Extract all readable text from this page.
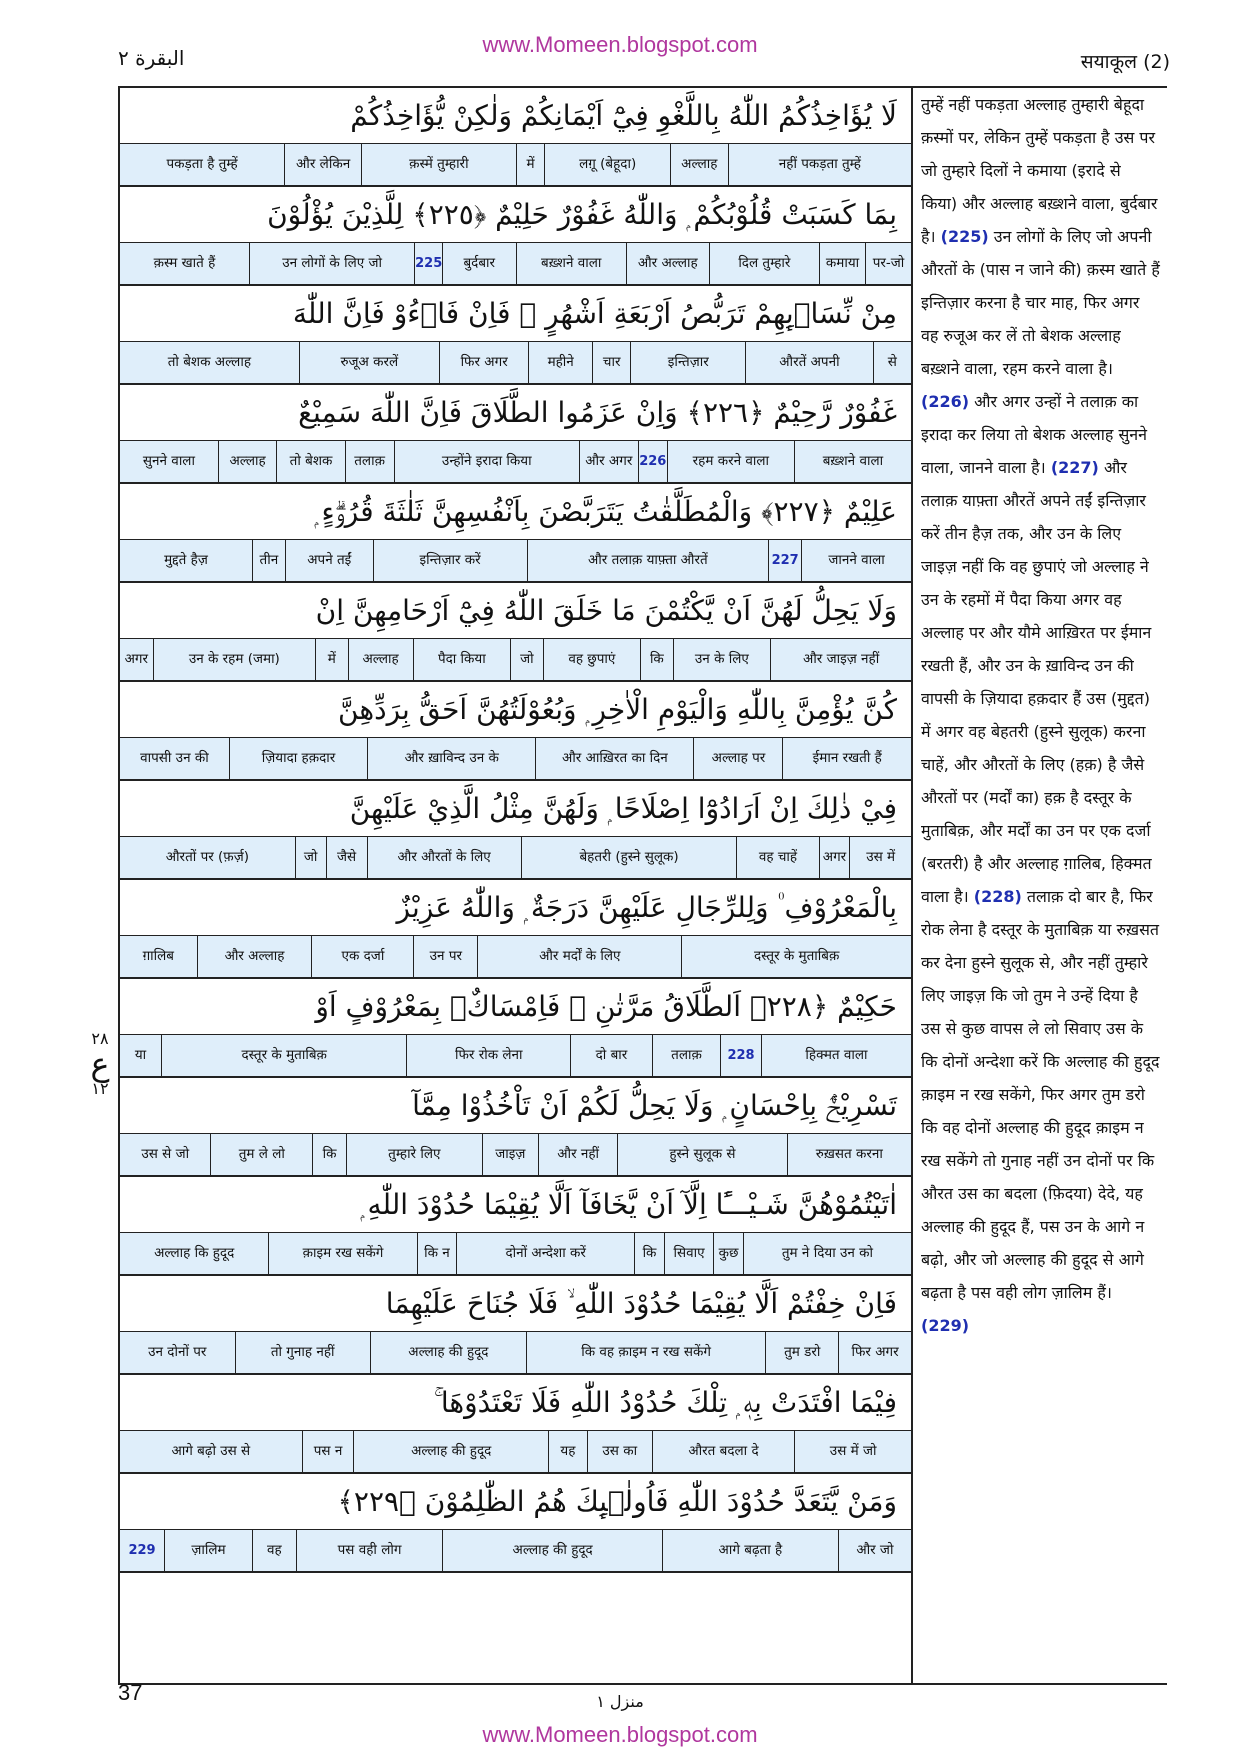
www.Momeen.blogspot.com
البقرة ٢	सयाकूल (2)
لَا يُؤَاخِذُكُمُ اللّٰهُ بِاللَّغْوِ فِيْٓ اَيْمَانِكُمْ وَلٰكِنْ يُّؤَاخِذُكُمْ
नहीं पकड़ता तुम्हें
अल्लाह
लग़ू (बेहूदा)
में
क़स्में तुम्हारी
और लेकिन
पकड़ता है तुम्हें
بِمَا كَسَبَتْ قُلُوْبُكُمْ ۭ وَاللّٰهُ غَفُوْرٌ حَلِيْمٌ ﴿٢٢٥﴾ لِلَّذِيْنَ يُؤْلُوْنَ
पर-जो
कमाया
दिल तुम्हारे
और अल्लाह
बख़्शने वाला
बुर्दबार
225
उन लोगों के लिए जो
क़स्म खाते हैं
مِنْ نِّسَاۗىِٕهِمْ تَرَبُّصُ اَرْبَعَةِ اَشْهُرٍ ۚ فَاِنْ فَاۗءُوْ فَاِنَّ اللّٰهَ
से
औरतें अपनी
इन्तिज़ार
चार
महीने
फिर अगर
रुजूअ करलें
तो बेशक अल्लाह
غَفُوْرٌ رَّحِيْمٌ ﴿٢٢٦﴾ وَاِنْ عَزَمُوا الطَّلَاقَ فَاِنَّ اللّٰهَ سَمِيْعٌ
बख़्शने वाला
रहम करने वाला
226
और अगर
उन्होंने इरादा किया
तलाक़
तो बेशक
अल्लाह
सुनने वाला
عَلِيْمٌ ﴿٢٢٧﴾ وَالْمُطَلَّقٰتُ يَتَرَبَّصْنَ بِاَنْفُسِهِنَّ ثَلٰثَةَ قُرُوْۗءٍ ۭ
जानने वाला
227
और तलाक़ याफ़्ता औरतें
इन्तिज़ार करें
अपने तईं
तीन
मुद्दते हैज़
وَلَا يَحِلُّ لَهُنَّ اَنْ يَّكْتُمْنَ مَا خَلَقَ اللّٰهُ فِيْٓ اَرْحَامِهِنَّ اِنْ
और जाइज़ नहीं
उन के लिए
कि
वह छुपाएं
जो
पैदा किया
अल्लाह
में
उन के रहम (जमा)
अगर
كُنَّ يُؤْمِنَّ بِاللّٰهِ وَالْيَوْمِ الْاٰخِرِ ۭ وَبُعُوْلَتُهُنَّ اَحَقُّ بِرَدِّهِنَّ
ईमान रखती हैं
अल्लाह पर
और आख़िरत का दिन
और ख़ाविन्द उन के
ज़ियादा हक़दार
वापसी उन की
فِيْ ذٰلِكَ اِنْ اَرَادُوْٓا اِصْلَاحًا ۭ وَلَهُنَّ مِثْلُ الَّذِيْ عَلَيْهِنَّ
उस में
अगर
वह चाहें
बेहतरी (हुस्ने सुलूक)
और औरतों के लिए
जैसे
जो
औरतों पर (फ़र्ज़)
بِالْمَعْرُوْفِ ۠ وَلِلرِّجَالِ عَلَيْهِنَّ دَرَجَةٌ ۭ وَاللّٰهُ عَزِيْزٌ
दस्तूर के मुताबिक़
और मर्दों के लिए
उन पर
एक दर्जा
और अल्लाह
ग़ालिब
حَكِيْمٌ ﴿٢٢٨﴾ اَلطَّلَاقُ مَرَّتٰنِ ۠ فَاِمْسَاكٌۢ بِمَعْرُوْفٍ اَوْ
हिक्मत वाला
228
तलाक़
दो बार
फिर रोक लेना
दस्तूर के मुताबिक़
या
تَسْرِيْحٌۢ بِاِحْسَانٍ ۭ وَلَا يَحِلُّ لَكُمْ اَنْ تَاْخُذُوْا مِمَّآ
रुख़सत करना
हुस्ने सुलूक से
और नहीं
जाइज़
तुम्हारे लिए
कि
तुम ले लो
उस से जो
اٰتَيْتُمُوْهُنَّ شَـيْـــًٔا اِلَّآ اَنْ يَّخَافَآ اَلَّا يُقِيْمَا حُدُوْدَ اللّٰهِ ۭ
तुम ने दिया उन को
कुछ
सिवाए
कि
दोनों अन्देशा करें
कि न
क़ाइम रख सकेंगे
अल्लाह कि हुदूद
فَاِنْ خِفْتُمْ اَلَّا يُقِيْمَا حُدُوْدَ اللّٰهِ ۙ فَلَا جُنَاحَ عَلَيْهِمَا
फिर अगर
तुम डरो
कि वह क़ाइम न रख सकेंगे
अल्लाह की हुदूद
तो गुनाह नहीं
उन दोनों पर
فِيْمَا افْتَدَتْ بِهٖ ۭ تِلْكَ حُدُوْدُ اللّٰهِ فَلَا تَعْتَدُوْهَا ۚ
उस में जो
औरत बदला दे
उस का
यह
अल्लाह की हुदूद
पस न
आगे बढ़ो उस से
وَمَنْ يَّتَعَدَّ حُدُوْدَ اللّٰهِ فَاُولٰۗىِٕكَ هُمُ الظّٰلِمُوْنَ ﴿٢٢٩﴾
और जो
आगे बढ़ता है
अल्लाह की हुदूद
पस वही लोग
वह
ज़ालिम
229
तुम्हें नहीं पकड़ता अल्लाह तुम्हारी बेहूदा क़स्मों पर, लेकिन तुम्हें पकड़ता है उस पर जो तुम्हारे दिलों ने कमाया (इरादे से किया) और अल्लाह बख़्शने वाला, बुर्दबार है। (225) उन लोगों के लिए जो अपनी औरतों के (पास न जाने की) क़स्म खाते हैं इन्तिज़ार करना है चार माह, फिर अगर वह रुजूअ कर लें तो बेशक अल्लाह बख़्शने वाला, रहम करने वाला है। (226) और अगर उन्हों ने तलाक़ का इरादा कर लिया तो बेशक अल्लाह सुनने वाला, जानने वाला है। (227) और तलाक़ याफ़्ता औरतें अपने तईं इन्तिज़ार करें तीन हैज़ तक, और उन के लिए जाइज़ नहीं कि वह छुपाएं जो अल्लाह ने उन के रहमों में पैदा किया अगर वह अल्लाह पर और यौमे आख़िरत पर ईमान रखती हैं, और उन के ख़ाविन्द उन की वापसी के ज़ियादा हक़दार हैं उस (मुद्दत) में अगर वह बेहतरी (हुस्ने सुलूक) करना चाहें, और औरतों के लिए (हक़) है जैसे औरतों पर (मर्दों का) हक़ है दस्तूर के मुताबिक़, और मर्दों का उन पर एक दर्जा (बरतरी) है और अल्लाह ग़ालिब, हिक्मत वाला है। (228) तलाक़ दो बार है, फिर रोक लेना है दस्तूर के मुताबिक़ या रुख़सत कर देना हुस्ने सुलूक से, और नहीं तुम्हारे लिए जाइज़ कि जो तुम ने उन्हें दिया है उस से कुछ वापस ले लो सिवाए उस के कि दोनों अन्देशा करें कि अल्लाह की हुदूद क़ाइम न रख सकेंगे, फिर अगर तुम डरो कि वह दोनों अल्लाह की हुदूद क़ाइम न रख सकेंगे तो गुनाह नहीं उन दोनों पर कि औरत उस का बदला (फ़िदया) देदे, यह अल्लाह की हुदूद हैं, पस उन के आगे न बढ़ो, और जो अल्लाह की हुदूद से आगे बढ़ता है पस वही लोग ज़ालिम हैं। (229)
٢٨
ع
١٢
37	منزل ١
www.Momeen.blogspot.com
